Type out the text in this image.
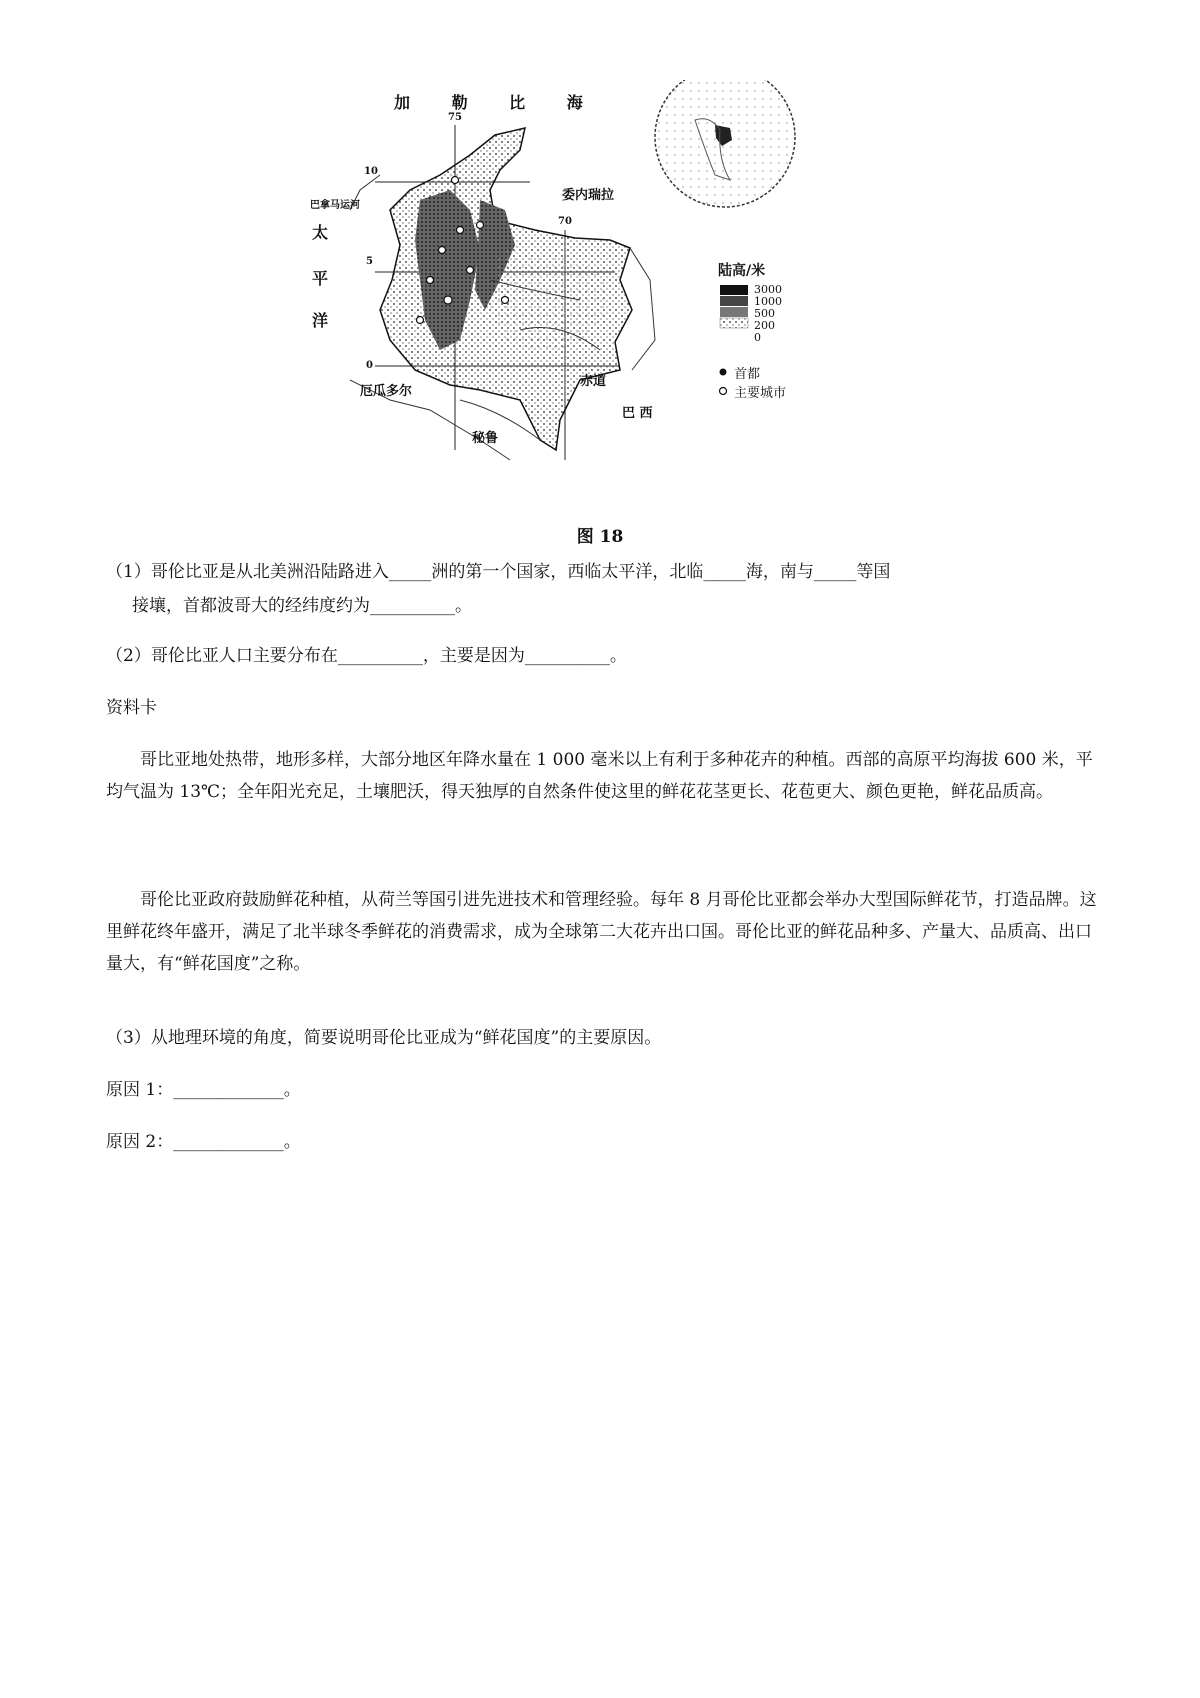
加 勒 比 海
太
平
洋
巴拿马运河
委内瑞拉
厄瓜多尔
秘鲁
巴 西
赤道
75
70
10
5
0
陆高/米
3000
1000
500
200
0
首都
主要城市
图 18
（1）哥伦比亚是从北美洲沿陆路进入_____洲的第一个国家，西临太平洋，北临_____海，南与_____等国
接壤，首都波哥大的经纬度约为__________。
（2）哥伦比亚人口主要分布在__________，主要是因为__________。
资料卡
哥比亚地处热带，地形多样，大部分地区年降水量在 1 000 毫米以上有利于多种花卉的种植。西部的高原平均海拔 600 米，平均气温为 13℃；全年阳光充足，土壤肥沃，得天独厚的自然条件使这里的鲜花花茎更长、花苞更大、颜色更艳，鲜花品质高。
哥伦比亚政府鼓励鲜花种植，从荷兰等国引进先进技术和管理经验。每年 8 月哥伦比亚都会举办大型国际鲜花节，打造品牌。这里鲜花终年盛开，满足了北半球冬季鲜花的消费需求，成为全球第二大花卉出口国。哥伦比亚的鲜花品种多、产量大、品质高、出口量大，有“鲜花国度”之称。
（3）从地理环境的角度，简要说明哥伦比亚成为“鲜花国度”的主要原因。
原因 1：_____________。
原因 2：_____________。
